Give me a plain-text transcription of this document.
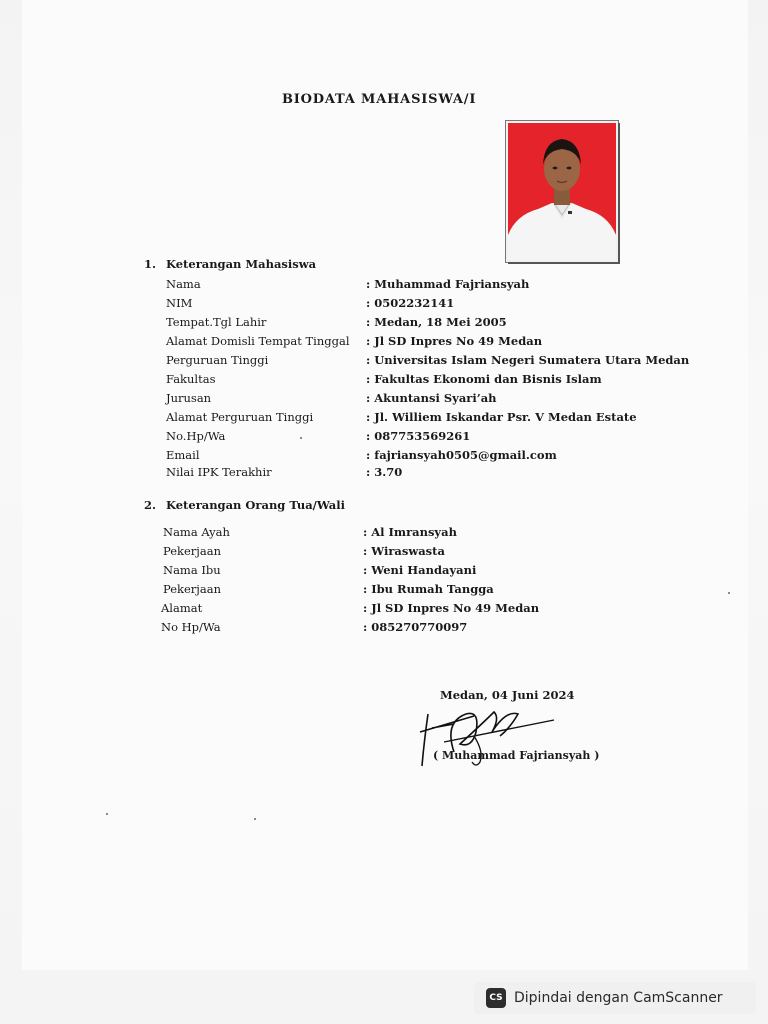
BIODATA MAHASISWA/I
1. Keterangan Mahasiswa
Nama	: Muhammad Fajriansyah
NIM	: 0502232141
Tempat.Tgl Lahir	: Medan, 18 Mei 2005
Alamat Domisli Tempat Tinggal : Jl SD Inpres No 49 Medan
Perguruan Tinggi	: Universitas Islam Negeri Sumatera Utara Medan
Fakultas	: Fakultas Ekonomi dan Bisnis Islam
Jurusan	: Akuntansi Syari’ah
Alamat Perguruan Tinggi	: Jl. Williem Iskandar Psr. V Medan Estate
No.Hp/Wa	: 087753569261
Email	: fajriansyah0505@gmail.com
Nilai IPK Terakhir	: 3.70
2. Keterangan Orang Tua/Wali
Nama Ayah	: Al Imransyah
Pekerjaan	: Wiraswasta
Nama Ibu	: Weni Handayani
Pekerjaan	: Ibu Rumah Tangga
Alamat	: Jl SD Inpres No 49 Medan
No Hp/Wa	: 085270770097
Medan, 04 Juni 2024
( Muhammad Fajriansyah )
CS Dipindai dengan CamScanner
